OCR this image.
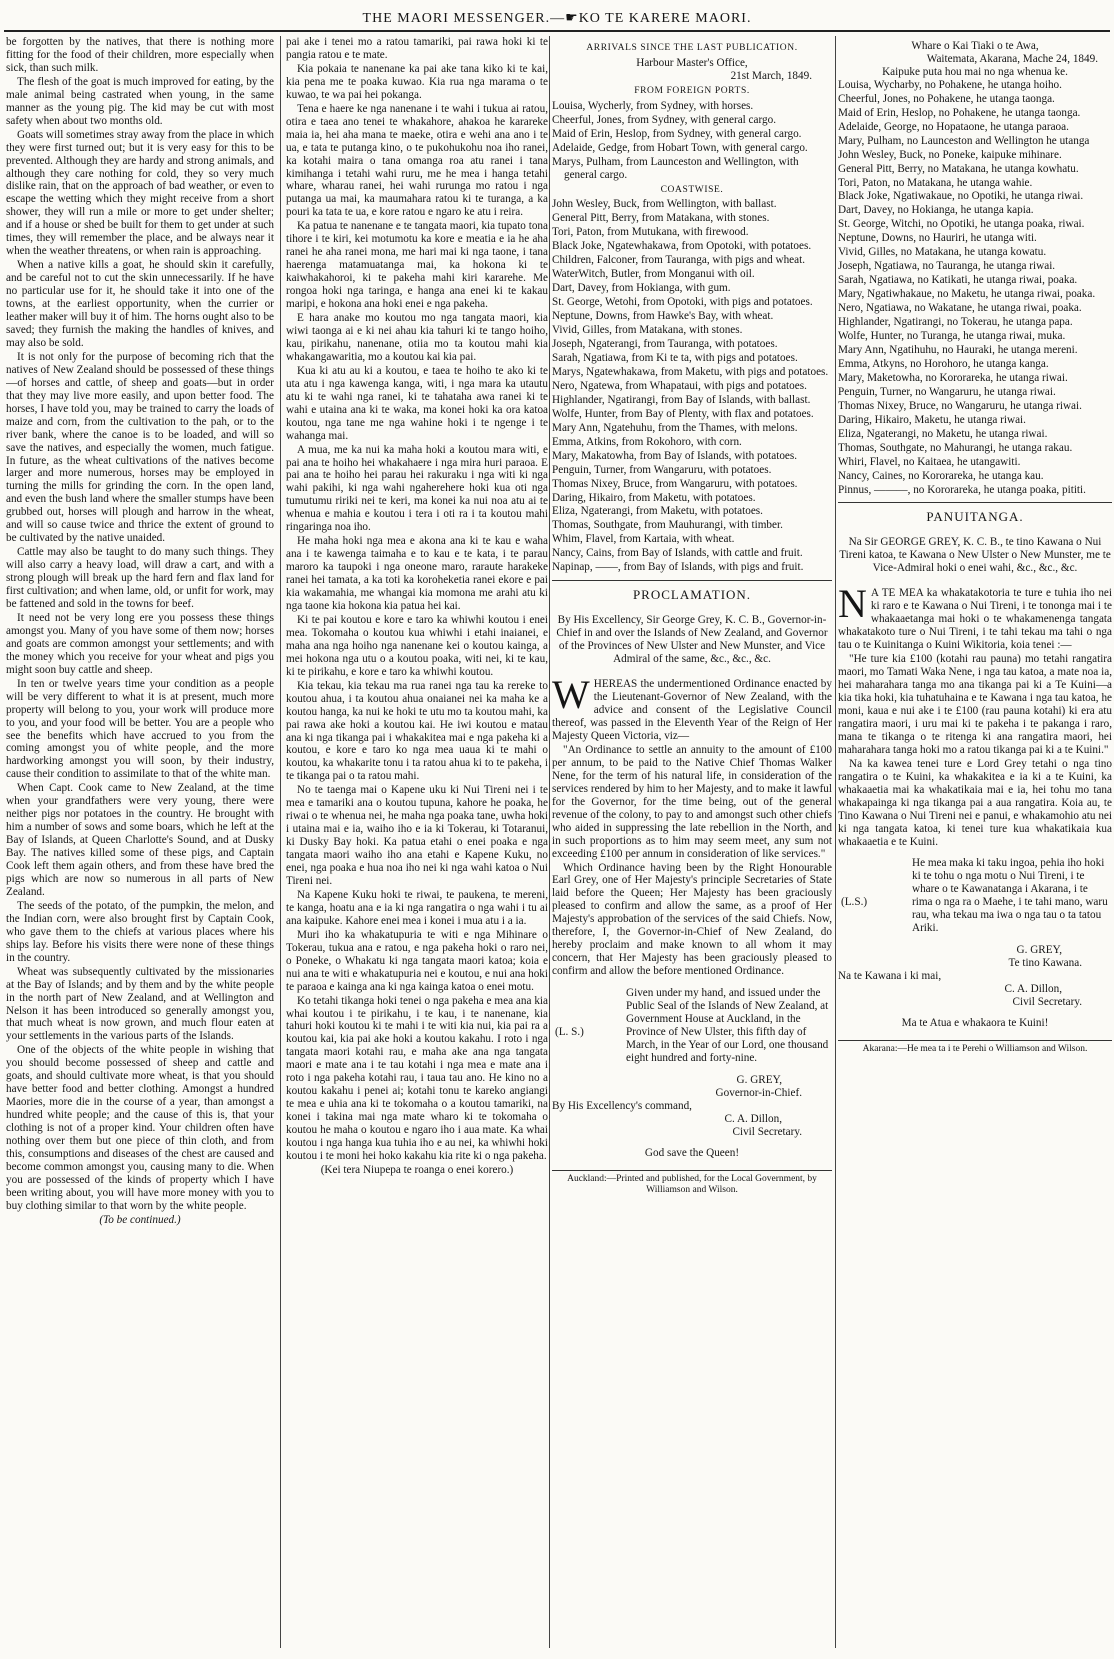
THE MAORI MESSENGER.—☛KO TE KARERE MAORI.

be forgotten by the natives, that there is nothing more fitting for the food of their children, more especially when sick, than such milk.

The flesh of the goat is much improved for eating, by the male animal being castrated when young, in the same manner as the young pig. The kid may be cut with most safety when about two months old.

Goats will sometimes stray away from the place in which they were first turned out; but it is very easy for this to be prevented. Although they are hardy and strong animals, and although they care nothing for cold, they so very much dislike rain, that on the approach of bad weather, or even to escape the wetting which they might receive from a short shower, they will run a mile or more to get under shelter; and if a house or shed be built for them to get under at such times, they will remember the place, and be always near it when the weather threatens, or when rain is approaching.

When a native kills a goat, he should skin it carefully, and be careful not to cut the skin unnecessarily. If he have no particular use for it, he should take it into one of the towns, at the earliest opportunity, when the currier or leather maker will buy it of him. The horns ought also to be saved; they furnish the making the handles of knives, and may also be sold.

It is not only for the purpose of becoming rich that the natives of New Zealand should be possessed of these things—of horses and cattle, of sheep and goats—but in order that they may live more easily, and upon better food. The horses, I have told you, may be trained to carry the loads of maize and corn, from the cultivation to the pah, or to the river bank, where the canoe is to be loaded, and will so save the natives, and especially the women, much fatigue. In future, as the wheat cultivations of the natives become larger and more numerous, horses may be employed in turning the mills for grinding the corn. In the open land, and even the bush land where the smaller stumps have been grubbed out, horses will plough and harrow in the wheat, and will so cause twice and thrice the extent of ground to be cultivated by the native unaided.

Cattle may also be taught to do many such things. They will also carry a heavy load, will draw a cart, and with a strong plough will break up the hard fern and flax land for first cultivation; and when lame, old, or unfit for work, may be fattened and sold in the towns for beef.

It need not be very long ere you possess these things amongst you. Many of you have some of them now; horses and goats are common amongst your settlements; and with the money which you receive for your wheat and pigs you might soon buy cattle and sheep.

In ten or twelve years time your condition as a people will be very different to what it is at present, much more property will belong to you, your work will produce more to you, and your food will be better. You are a people who see the benefits which have accrued to you from the coming amongst you of white people, and the more hardworking amongst you will soon, by their industry, cause their condition to assimilate to that of the white man.

When Capt. Cook came to New Zealand, at the time when your grandfathers were very young, there were neither pigs nor potatoes in the country. He brought with him a number of sows and some boars, which he left at the Bay of Islands, at Queen Charlotte's Sound, and at Dusky Bay. The natives killed some of these pigs, and Captain Cook left them again others, and from these have bred the pigs which are now so numerous in all parts of New Zealand.

The seeds of the potato, of the pumpkin, the melon, and the Indian corn, were also brought first by Captain Cook, who gave them to the chiefs at various places where his ships lay. Before his visits there were none of these things in the country.

Wheat was subsequently cultivated by the missionaries at the Bay of Islands; and by them and by the white people in the north part of New Zealand, and at Wellington and Nelson it has been introduced so generally amongst you, that much wheat is now grown, and much flour eaten at your settlements in the various parts of the Islands.

One of the objects of the white people in wishing that you should become possessed of sheep and cattle and goats, and should cultivate more wheat, is that you should have better food and better clothing. Amongst a hundred Maories, more die in the course of a year, than amongst a hundred white people; and the cause of this is, that your clothing is not of a proper kind. Your children often have nothing over them but one piece of thin cloth, and from this, consumptions and diseases of the chest are caused and become common amongst you, causing many to die. When you are possessed of the kinds of property which I have been writing about, you will have more money with you to buy clothing similar to that worn by the white people.

(To be continued.)

pai ake i tenei mo a ratou tamariki, pai rawa hoki ki te pangia ratou e te mate.

Kia pokaia te nanenane ka pai ake tana kiko ki te kai, kia pena me te poaka kuwao. Kia rua nga marama o te kuwao, te wa pai hei pokanga.

Tena e haere ke nga nanenane i te wahi i tukua ai ratou, otira e taea ano tenei te whakahore, ahakoa he karareke maia ia, hei aha mana te maeke, otira e wehi ana ano i te ua, e tata te putanga kino, o te pukohukohu noa iho ranei, ka kotahi maira o tana omanga roa atu ranei i tana kimihanga i tetahi wahi ruru, me he mea i hanga tetahi whare, wharau ranei, hei wahi rurunga mo ratou i nga putanga ua mai, ka maumahara ratou ki te turanga, a ka pouri ka tata te ua, e kore ratou e ngaro ke atu i reira.

Ka patua te nanenane e te tangata maori, kia tupato tona tihore i te kiri, kei motumotu ka kore e meatia e ia he aha ranei he aha ranei mona, me hari mai ki nga taone, i tana haerenga matamuatanga mai, ka hokona ki te kaiwhakahoroi, ki te pakeha mahi kiri kararehe. Me rongoa hoki nga taringa, e hanga ana enei ki te kakau maripi, e hokona ana hoki enei e nga pakeha.

E hara anake mo koutou mo nga tangata maori, kia wiwi taonga ai e ki nei ahau kia tahuri ki te tango hoiho, kau, pirikahu, nanenane, otiia mo ta koutou mahi kia whakangawaritia, mo a koutou kai kia pai.

Kua ki atu au ki a koutou, e taea te hoiho te ako ki te uta atu i nga kawenga kanga, witi, i nga mara ka utautu atu ki te wahi nga ranei, ki te tahataha awa ranei ki te wahi e utaina ana ki te waka, ma konei hoki ka ora katoa koutou, nga tane me nga wahine hoki i te ngenge i te wahanga mai.

A mua, me ka nui ka maha hoki a koutou mara witi, e pai ana te hoiho hei whakahaere i nga mira huri paraoa. E pai ana te hoiho hei parau hei rakuraku i nga witi ki nga wahi pakihi, ki nga wahi ngaherehere hoki kua oti nga tumutumu ririki nei te keri, ma konei ka nui noa atu ai te whenua e mahia e koutou i tera i oti ra i ta koutou mahi ringaringa noa iho.

He maha hoki nga mea e akona ana ki te kau e waha ana i te kawenga taimaha e to kau e te kata, i te parau maroro ka taupoki i nga oneone maro, raraute harakeke ranei hei tamata, a ka toti ka koroheketia ranei ekore e pai kia wakamahia, me whangai kia momona me arahi atu ki nga taone kia hokona kia patua hei kai.

Ki te pai koutou e kore e taro ka whiwhi koutou i enei mea. Tokomaha o koutou kua whiwhi i etahi inaianei, e maha ana nga hoiho nga nanenane kei o koutou kainga, a mei hokona nga utu o a koutou poaka, witi nei, ki te kau, ki te pirikahu, e kore e taro ka whiwhi koutou.

Kia tekau, kia tekau ma rua ranei nga tau ka rereke to koutou ahua, i ta koutou ahua onaianei nei ka maha ke a koutou hanga, ka nui ke hoki te utu mo ta koutou mahi, ka pai rawa ake hoki a koutou kai. He iwi koutou e matau ana ki nga tikanga pai i whakakitea mai e nga pakeha ki a koutou, e kore e taro ko nga mea uaua ki te mahi o koutou, ka whakarite tonu i ta ratou ahua ki to te pakeha, i te tikanga pai o ta ratou mahi.

No te taenga mai o Kapene uku ki Nui Tireni nei i te mea e tamariki ana o koutou tupuna, kahore he poaka, he riwai o te whenua nei, he maha nga poaka tane, uwha hoki i utaina mai e ia, waiho iho e ia ki Tokerau, ki Totaranui, ki Dusky Bay hoki. Ka patua etahi o enei poaka e nga tangata maori waiho iho ana etahi e Kapene Kuku, no enei, nga poaka e hua noa iho nei ki nga wahi katoa o Nui Tireni nei.

Na Kapene Kuku hoki te riwai, te paukena, te mereni, te kanga, hoatu ana e ia ki nga rangatira o nga wahi i tu ai ana kaipuke. Kahore enei mea i konei i mua atu i a ia.

Muri iho ka whakatupuria te witi e nga Mihinare o Tokerau, tukua ana e ratou, e nga pakeha hoki o raro nei, o Poneke, o Whakatu ki nga tangata maori katoa; koia e nui ana te witi e whakatupuria nei e koutou, e nui ana hoki te paraoa e kainga ana ki nga kainga katoa o enei motu.

Ko tetahi tikanga hoki tenei o nga pakeha e mea ana kia whai koutou i te pirikahu, i te kau, i te nanenane, kia tahuri hoki koutou ki te mahi i te witi kia nui, kia pai ra a koutou kai, kia pai ake hoki a koutou kakahu. I roto i nga tangata maori kotahi rau, e maha ake ana nga tangata maori e mate ana i te tau kotahi i nga mea e mate ana i roto i nga pakeha kotahi rau, i taua tau ano. He kino no a koutou kakahu i penei ai; kotahi tonu te kareko angiangi te mea e uhia ana ki te tokomaha o a koutou tamariki, na konei i takina mai nga mate wharo ki te tokomaha o koutou he maha o koutou e ngaro iho i aua mate. Ka whai koutou i nga hanga kua tuhia iho e au nei, ka whiwhi hoki koutou i te moni hei hoko kakahu kia rite ki o nga pakeha.

(Kei tera Niupepa te roanga o enei korero.)

ARRIVALS SINCE THE LAST PUBLICATION.
Harbour Master's Office,
21st March, 1849.
FROM FOREIGN PORTS.
Louisa, Wycherly, from Sydney, with horses.
Cheerful, Jones, from Sydney, with general cargo.
Maid of Erin, Heslop, from Sydney, with general cargo.
Adelaide, Gedge, from Hobart Town, with general cargo.
Marys, Pulham, from Launceston and Wellington, with general cargo.
COASTWISE.
John Wesley, Buck, from Wellington, with ballast.
General Pitt, Berry, from Matakana, with stones.
Tori, Paton, from Mutukana, with firewood.
Black Joke, Ngatewhakawa, from Opotoki, with potatoes.
Children, Falconer, from Tauranga, with pigs and wheat.
WaterWitch, Butler, from Monganui with oil.
Dart, Davey, from Hokianga, with gum.
St. George, Wetohi, from Opotoki, with pigs and potatoes.
Neptune, Downs, from Hawke's Bay, with wheat.
Vivid, Gilles, from Matakana, with stones.
Joseph, Ngaterangi, from Tauranga, with potatoes.
Sarah, Ngatiawa, from Ki te ta, with pigs and potatoes.
Marys, Ngatewhakawa, from Maketu, with pigs and potatoes.
Nero, Ngatewa, from Whapataui, with pigs and potatoes.
Highlander, Ngatirangi, from Bay of Islands, with ballast.
Wolfe, Hunter, from Bay of Plenty, with flax and potatoes.
Mary Ann, Ngatehuhu, from the Thames, with melons.
Emma, Atkins, from Rokohoro, with corn.
Mary, Makatowha, from Bay of Islands, with potatoes.
Penguin, Turner, from Wangaruru, with potatoes.
Thomas Nixey, Bruce, from Wangaruru, with potatoes.
Daring, Hikairo, from Maketu, with potatoes.
Eliza, Ngaterangi, from Maketu, with potatoes.
Thomas, Southgate, from Mauhurangi, with timber.
Whim, Flavel, from Kartaia, with wheat.
Nancy, Cains, from Bay of Islands, with cattle and fruit.
Napinap, ——, from Bay of Islands, with pigs and fruit.
PROCLAMATION.
By His Excellency, Sir George Grey, K. C. B., Governor-in-Chief in and over the Islands of New Zealand, and Governor of the Provinces of New Ulster and New Munster, and Vice Admiral of the same, &c., &c., &c.

WHEREAS the undermentioned Ordinance enacted by the Lieutenant-Governor of New Zealand, with the advice and consent of the Legislative Council thereof, was passed in the Eleventh Year of the Reign of Her Majesty Queen Victoria, viz—

"An Ordinance to settle an annuity to the amount of £100 per annum, to be paid to the Native Chief Thomas Walker Nene, for the term of his natural life, in consideration of the services rendered by him to her Majesty, and to make it lawful for the Governor, for the time being, out of the general revenue of the colony, to pay to and amongst such other chiefs who aided in suppressing the late rebellion in the North, and in such proportions as to him may seem meet, any sum not exceeding £100 per annum in consideration of like services."

Which Ordinance having been by the Right Honourable Earl Grey, one of Her Majesty's principle Secretaries of State laid before the Queen; Her Majesty has been graciously pleased to confirm and allow the same, as a proof of Her Majesty's approbation of the services of the said Chiefs. Now, therefore, I, the Governor-in-Chief of New Zealand, do hereby proclaim and make known to all whom it may concern, that Her Majesty has been graciously pleased to confirm and allow the before mentioned Ordinance.

(L. S.)	Given under my hand, and issued under the Public Seal of the Islands of New Zealand, at Government House at Auckland, in the Province of New Ulster, this fifth day of March, in the Year of our Lord, one thousand eight hundred and forty-nine.
G. GREY,
Governor-in-Chief.
By His Excellency's command,
C. A. Dillon,
Civil Secretary.
God save the Queen!
Auckland:—Printed and published, for the Local Government, by Williamson and Wilson.
Whare o Kai Tiaki o te Awa,
Waitemata, Akarana, Mache 24, 1849.
Kaipuke puta hou mai no nga whenua ke.
Louisa, Wycharby, no Pohakene, he utanga hoiho.
Cheerful, Jones, no Pohakene, he utanga taonga.
Maid of Erin, Heslop, no Pohakene, he utanga taonga.
Adelaide, George, no Hopataone, he utanga paraoa.
Mary, Pulham, no Launceston and Wellington he utanga
John Wesley, Buck, no Poneke, kaipuke mihinare.
General Pitt, Berry, no Matakana, he utanga kowhatu.
Tori, Paton, no Matakana, he utanga wahie.
Black Joke, Ngatiwakaue, no Opotiki, he utanga riwai.
Dart, Davey, no Hokianga, he utanga kapia.
St. George, Witchi, no Opotiki, he utanga poaka, riwai.
Neptune, Downs, no Hauriri, he utanga witi.
Vivid, Gilles, no Matakana, he utanga kowatu.
Joseph, Ngatiawa, no Tauranga, he utanga riwai.
Sarah, Ngatiawa, no Katikati, he utanga riwai, poaka.
Mary, Ngatiwhakaue, no Maketu, he utanga riwai, poaka.
Nero, Ngatiawa, no Wakatane, he utanga riwai, poaka.
Highlander, Ngatirangi, no Tokerau, he utanga papa.
Wolfe, Hunter, no Turanga, he utanga riwai, muka.
Mary Ann, Ngatihuhu, no Hauraki, he utanga mereni.
Emma, Atkyns, no Horohoro, he utanga kanga.
Mary, Maketowha, no Kororareka, he utanga riwai.
Penguin, Turner, no Wangaruru, he utanga riwai.
Thomas Nixey, Bruce, no Wangaruru, he utanga riwai.
Daring, Hikairo, Maketu, he utanga riwai.
Eliza, Ngaterangi, no Maketu, he utanga riwai.
Thomas, Southgate, no Mahurangi, he utanga rakau.
Whiri, Flavel, no Kaitaea, he utangawiti.
Nancy, Caines, no Kororareka, he utanga kau.
Pinnus, ———, no Kororareka, he utanga poaka, pititi.
PANUITANGA.
Na Sir GEORGE GREY, K. C. B., te tino Kawana o Nui Tireni katoa, te Kawana o New Ulster o New Munster, me te Vice-Admiral hoki o enei wahi, &c., &c., &c.

N A TE MEA ka whakatakotoria te ture e tuhia iho nei ki raro e te Kawana o Nui Tireni, i te tononga mai i te whakaaetanga mai hoki o te whakamenenga tangata whakatakoto ture o Nui Tireni, i te tahi tekau ma tahi o nga tau o te Kuinitanga o Kuini Wikitoria, koia tenei :—

"He ture kia £100 (kotahi rau pauna) mo tetahi rangatira maori, mo Tamati Waka Nene, i nga tau katoa, a mate noa ia, hei maharahara tanga mo ana tikanga pai ki a Te Kuini—a kia tika hoki, kia tuhatuhaina e te Kawana i nga tau katoa, he moni, kaua e nui ake i te £100 (rau pauna kotahi) ki era atu rangatira maori, i uru mai ki te pakeha i te pakanga i raro, mana te tikanga o te ritenga ki ana rangatira maori, hei maharahara tanga hoki mo a ratou tikanga pai ki a te Kuini."

Na ka kawea tenei ture e Lord Grey tetahi o nga tino rangatira o te Kuini, ka whakakitea e ia ki a te Kuini, ka whakaaetia mai ka whakatikaia mai e ia, hei tohu mo tana whakapainga ki nga tikanga pai a aua rangatira. Koia au, te Tino Kawana o Nui Tireni nei e panui, e whakamohio atu nei ki nga tangata katoa, ki tenei ture kua whakatikaia kua whakaaetia e te Kuini.

(L.S.)	He mea maka ki taku ingoa, pehia iho hoki ki te tohu o nga motu o Nui Tireni, i te whare o te Kawanatanga i Akarana, i te rima o nga ra o Maehe, i te tahi mano, waru rau, wha tekau ma iwa o nga tau o ta tatou Ariki.
G. GREY,
Te tino Kawana.
Na te Kawana i ki mai,
C. A. Dillon,
Civil Secretary.
Ma te Atua e whakaora te Kuini!
Akarana:—He mea ta i te Perehi o Williamson and Wilson.
